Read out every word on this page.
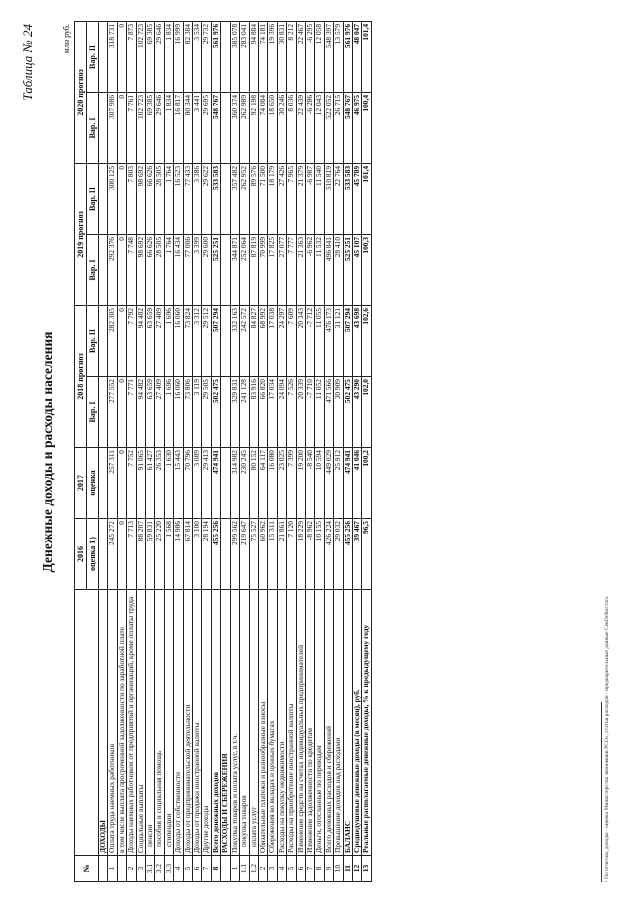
Таблица № 24
Денежные доходы и расходы населения
млн руб.
№		2016	2017	2018 прогноз		2019 прогноз		2020 прогноз	
		оценка 1)	оценка	Вар. I	Вар. II	Вар. I	Вар. II	Вар. I	Вар. II
	ДОХОДЫ								
1	Оплата труда наемных работников	245 272	257 311	277 552	282 305	292 376	300 125	307 986	318 731
	в том числе выплата просроченной задолженности по заработной плате	0	0	0	0	0	0	0	0
2	Доходы наемных работников от предприятий и организаций, кроме оплаты труда	7 713	7 752	7 771	7 792	7 748	7 803	7 761	7 873
3	Социальные выплаты	88 207	91 065	94 482	94 482	98 692	98 692	102 723	102 723
3.1	пенсии	59 831	61 427	63 659	63 659	66 626	66 626	69 385	69 385
3.2	пособия и социальная помощь	25 220	26 353	27 409	27 409	28 505	28 505	29 646	29 646
3.3	стипендии	1 568	1 630	1 696	1 696	1 764	1 764	1 834	1 834
4	Доходы от собственности	14 986	15 443	16 060	16 060	16 434	16 523	16 817	16 999
5	Доходы от предпринимательской деятельности	67 814	70 796	73 806	73 824	77 006	77 433	80 344	82 384
6	Доходы от продажи иностранной валюты	3 100	3 089	3 119	3 312	3 399	3 386	3 441	3 534
7	Другие доходы	28 194	29 413	29 505	29 512	29 600	29 622	29 695	29 732
8	Всего денежных доходов	455 256	474 941	502 475	507 294	525 251	533 583	548 767	561 976
	РАСХОДЫ И СБЕРЕЖЕНИЯ								
1	Покупка товаров и оплата услуг, в т.ч.	299 562	314 982	329 831	332 163	344 871	357 482	360 374	385 078
1.1	покупка товаров	219 647	230 245	241 128	242 572	252 064	262 952	262 989	283 041
1.2	оплата услуг	75 527	80 152	83 916	84 827	87 819	89 576	92 198	94 884
2	Обязательные платежи и разнообразные взносы	60 962	64 117	66 820	68 992	70 999	71 500	74 084	74 181
3	Сбережения во вкладах и ценных бумагах	15 311	16 080	17 034	17 038	17 825	18 179	18 650	19 396
4	Расходы на покупку недвижимости	21 861	23 025	24 094	24 297	27 077	27 426	30 246	30 831
5	Расходы на приобретение иностранной валюты	7 120	7 399	7 526	7 609	7 777	7 965	8 036	8 212
6	Изменение средств на счетах индивидуальных предпринимателей	18 229	19 200	20 339	20 343	21 363	21 379	22 439	22 467
7	Изменение задолженности по кредитам	-8 962	-8 540	-7 710	-7 712	-6 962	-6 987	-6 286	-6 295
8	Деньги, отосланные по переводам	10 155	10 594	11 052	11 055	11 532	11 540	12 043	12 058
9	Всего денежных расходов и сбережений	426 224	449 029	471 566	476 173	496 841	510 819	522 052	548 397
10	Превышение доходов над расходами	29 032	25 912	30 909	31 121	28 410	22 764	26 715	13 579
11	БАЛАНС	455 256	474 941	502 475	507 294	525 251	533 583	548 767	561 976
12	Среднедушевые денежные доходы (в месяц), руб.	39 467	41 046	43 290	43 698	45 107	45 789	46 975	48 047
13	Реальные располагаемые денежные доходы, % к предыдущему году	96,5	100,2	102,0	102,6	100,3	101,4	100,4	101,4
¹ По отчетам, доходы - оценка Министерства экономики РСО», статьи расходов - предварительные данные СевОсКостата
